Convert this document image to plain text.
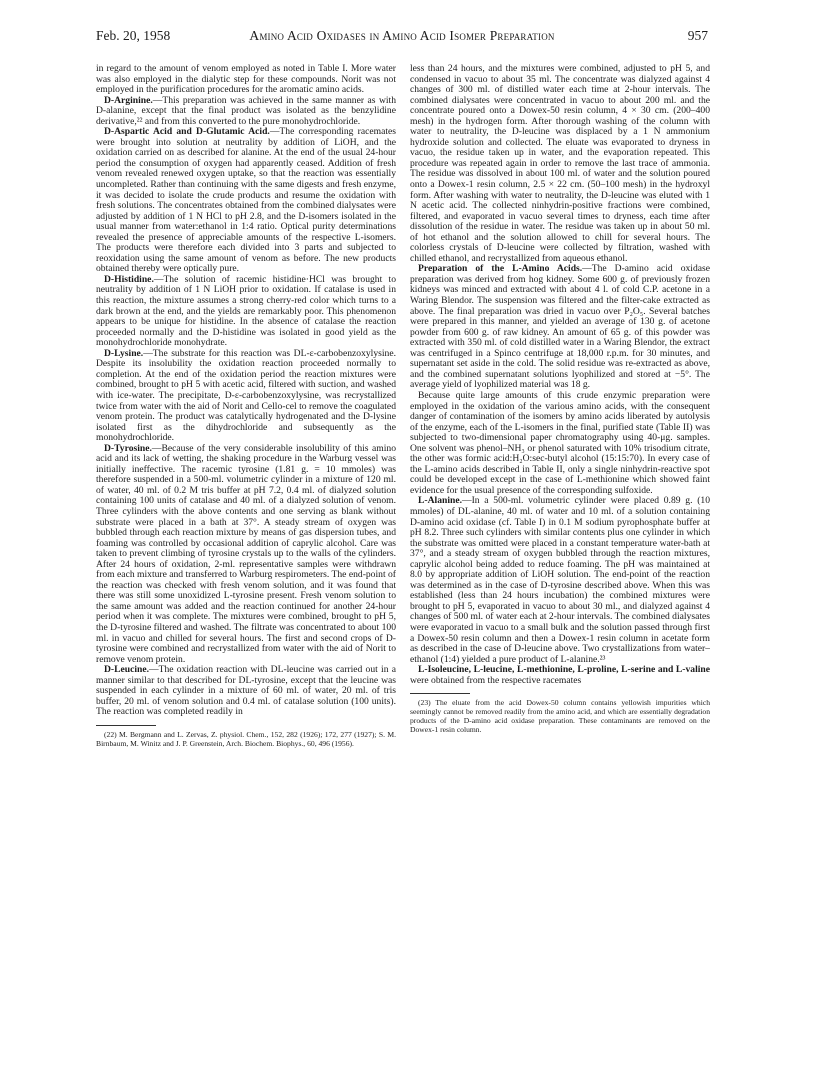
Feb. 20, 1958	Amino Acid Oxidases in Amino Acid Isomer Preparation	957

in regard to the amount of venom employed as noted in Table I. More water was also employed in the dialytic step for these compounds. Norit was not employed in the purification procedures for the aromatic amino acids.

D-Arginine.—This preparation was achieved in the same manner as with D-alanine, except that the final product was isolated as the benzylidine derivative,²² and from this converted to the pure monohydrochloride.

D-Aspartic Acid and D-Glutamic Acid.—The corresponding racemates were brought into solution at neutrality by addition of LiOH, and the oxidation carried on as described for alanine. At the end of the usual 24-hour period the consumption of oxygen had apparently ceased. Addition of fresh venom revealed renewed oxygen uptake, so that the reaction was essentially uncompleted. Rather than continuing with the same digests and fresh enzyme, it was decided to isolate the crude products and resume the oxidation with fresh solutions. The concentrates obtained from the combined dialysates were adjusted by addition of 1 N HCl to pH 2.8, and the D-isomers isolated in the usual manner from water:ethanol in 1:4 ratio. Optical purity determinations revealed the presence of appreciable amounts of the respective L-isomers. The products were therefore each divided into 3 parts and subjected to reoxidation using the same amount of venom as before. The new products obtained thereby were optically pure.

D-Histidine.—The solution of racemic histidine·HCl was brought to neutrality by addition of 1 N LiOH prior to oxidation. If catalase is used in this reaction, the mixture assumes a strong cherry-red color which turns to a dark brown at the end, and the yields are remarkably poor. This phenomenon appears to be unique for histidine. In the absence of catalase the reaction proceeded normally and the D-histidine was isolated in good yield as the monohydrochloride monohydrate.

D-Lysine.—The substrate for this reaction was DL-ε-carbobenzoxylysine. Despite its insolubility the oxidation reaction proceeded normally to completion. At the end of the oxidation period the reaction mixtures were combined, brought to pH 5 with acetic acid, filtered with suction, and washed with ice-water. The precipitate, D-ε-carbobenzoxylysine, was recrystallized twice from water with the aid of Norit and Cello-cel to remove the coagulated venom protein. The product was catalytically hydrogenated and the D-lysine isolated first as the dihydrochloride and subsequently as the monohydrochloride.

D-Tyrosine.—Because of the very considerable insolubility of this amino acid and its lack of wetting, the shaking procedure in the Warburg vessel was initially ineffective. The racemic tyrosine (1.81 g. = 10 mmoles) was therefore suspended in a 500-ml. volumetric cylinder in a mixture of 120 ml. of water, 40 ml. of 0.2 M tris buffer at pH 7.2, 0.4 ml. of dialyzed solution containing 100 units of catalase and 40 ml. of a dialyzed solution of venom. Three cylinders with the above contents and one serving as blank without substrate were placed in a bath at 37°. A steady stream of oxygen was bubbled through each reaction mixture by means of gas dispersion tubes, and foaming was controlled by occasional addition of caprylic alcohol. Care was taken to prevent climbing of tyrosine crystals up to the walls of the cylinders. After 24 hours of oxidation, 2-ml. representative samples were withdrawn from each mixture and transferred to Warburg respirometers. The end-point of the reaction was checked with fresh venom solution, and it was found that there was still some unoxidized L-tyrosine present. Fresh venom solution to the same amount was added and the reaction continued for another 24-hour period when it was complete. The mixtures were combined, brought to pH 5, the D-tyrosine filtered and washed. The filtrate was concentrated to about 100 ml. in vacuo and chilled for several hours. The first and second crops of D-tyrosine were combined and recrystallized from water with the aid of Norit to remove venom protein.

D-Leucine.—The oxidation reaction with DL-leucine was carried out in a manner similar to that described for DL-tyrosine, except that the leucine was suspended in each cylinder in a mixture of 60 ml. of water, 20 ml. of tris buffer, 20 ml. of venom solution and 0.4 ml. of catalase solution (100 units). The reaction was completed readily in

(22) M. Bergmann and L. Zervas, Z. physiol. Chem., 152, 282 (1926); 172, 277 (1927); S. M. Birnbaum, M. Winitz and J. P. Greenstein, Arch. Biochem. Biophys., 60, 496 (1956).

less than 24 hours, and the mixtures were combined, adjusted to pH 5, and condensed in vacuo to about 35 ml. The concentrate was dialyzed against 4 changes of 300 ml. of distilled water each time at 2-hour intervals. The combined dialysates were concentrated in vacuo to about 200 ml. and the concentrate poured onto a Dowex-50 resin column, 4 × 30 cm. (200–400 mesh) in the hydrogen form. After thorough washing of the column with water to neutrality, the D-leucine was displaced by a 1 N ammonium hydroxide solution and collected. The eluate was evaporated to dryness in vacuo, the residue taken up in water, and the evaporation repeated. This procedure was repeated again in order to remove the last trace of ammonia. The residue was dissolved in about 100 ml. of water and the solution poured onto a Dowex-1 resin column, 2.5 × 22 cm. (50–100 mesh) in the hydroxyl form. After washing with water to neutrality, the D-leucine was eluted with 1 N acetic acid. The collected ninhydrin-positive fractions were combined, filtered, and evaporated in vacuo several times to dryness, each time after dissolution of the residue in water. The residue was taken up in about 50 ml. of hot ethanol and the solution allowed to chill for several hours. The colorless crystals of D-leucine were collected by filtration, washed with chilled ethanol, and recrystallized from aqueous ethanol.

Preparation of the L-Amino Acids.—The D-amino acid oxidase preparation was derived from hog kidney. Some 600 g. of previously frozen kidneys was minced and extracted with about 4 l. of cold C.P. acetone in a Waring Blendor. The suspension was filtered and the filter-cake extracted as above. The final preparation was dried in vacuo over P₂O₅. Several batches were prepared in this manner, and yielded an average of 130 g. of acetone powder from 600 g. of raw kidney. An amount of 65 g. of this powder was extracted with 350 ml. of cold distilled water in a Waring Blendor, the extract was centrifuged in a Spinco centrifuge at 18,000 r.p.m. for 30 minutes, and supernatant set aside in the cold. The solid residue was re-extracted as above, and the combined supernatant solutions lyophilized and stored at −5°. The average yield of lyophilized material was 18 g.

Because quite large amounts of this crude enzymic preparation were employed in the oxidation of the various amino acids, with the consequent danger of contamination of the isomers by amino acids liberated by autolysis of the enzyme, each of the L-isomers in the final, purified state (Table II) was subjected to two-dimensional paper chromatography using 40-μg. samples. One solvent was phenol–NH₃ or phenol saturated with 10% trisodium citrate, the other was formic acid:H₂O:sec-butyl alcohol (15:15:70). In every case of the L-amino acids described in Table II, only a single ninhydrin-reactive spot could be developed except in the case of L-methionine which showed faint evidence for the usual presence of the corresponding sulfoxide.

L-Alanine.—In a 500-ml. volumetric cylinder were placed 0.89 g. (10 mmoles) of DL-alanine, 40 ml. of water and 10 ml. of a solution containing D-amino acid oxidase (cf. Table I) in 0.1 M sodium pyrophosphate buffer at pH 8.2. Three such cylinders with similar contents plus one cylinder in which the substrate was omitted were placed in a constant temperature water-bath at 37°, and a steady stream of oxygen bubbled through the reaction mixtures, caprylic alcohol being added to reduce foaming. The pH was maintained at 8.0 by appropriate addition of LiOH solution. The end-point of the reaction was determined as in the case of D-tyrosine described above. When this was established (less than 24 hours incubation) the combined mixtures were brought to pH 5, evaporated in vacuo to about 30 ml., and dialyzed against 4 changes of 500 ml. of water each at 2-hour intervals. The combined dialysates were evaporated in vacuo to a small bulk and the solution passed through first a Dowex-50 resin column and then a Dowex-1 resin column in acetate form as described in the case of D-leucine above. Two crystallizations from water–ethanol (1:4) yielded a pure product of L-alanine.²³

L-Isoleucine, L-leucine, L-methionine, L-proline, L-serine and L-valine were obtained from the respective racemates

(23) The eluate from the acid Dowex-50 column contains yellowish impurities which seemingly cannot be removed readily from the amino acid, and which are essentially degradation products of the D-amino acid oxidase preparation. These contaminants are removed on the Dowex-1 resin column.
